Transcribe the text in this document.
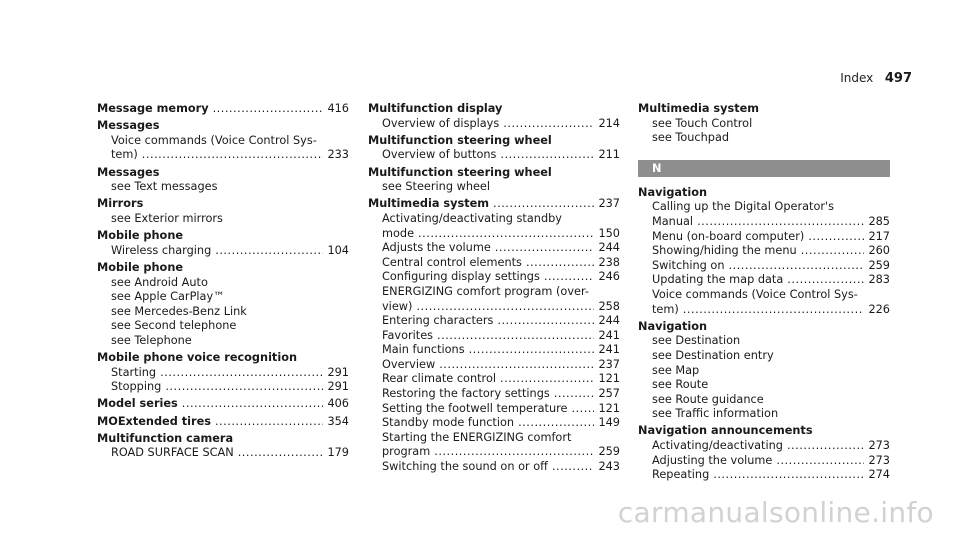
Index 497
Message memory .....	416
Messages
Voice commands (Voice Control Sys-
tem) .....	233
Messages
see Text messages
Mirrors
see Exterior mirrors
Mobile phone
Wireless charging .....	104
Mobile phone
see Android Auto
see Apple CarPlay™
see Mercedes-Benz Link
see Second telephone
see Telephone
Mobile phone voice recognition
Starting .....	291
Stopping .....	291
Model series .....	406
MOExtended tires .....	354
Multifunction camera
ROAD SURFACE SCAN .....	179
Multifunction display
Overview of displays .....	214
Multifunction steering wheel
Overview of buttons .....	211
Multifunction steering wheel
see Steering wheel
Multimedia system .....	237
Activating/deactivating standby
mode .....	150
Adjusts the volume .....	244
Central control elements .....	238
Configuring display settings .....	246
ENERGIZING comfort program (over-
view) .....	258
Entering characters .....	244
Favorites .....	241
Main functions .....	241
Overview .....	237
Rear climate control .....	121
Restoring the factory settings .....	257
Setting the footwell temperature .....	121
Standby mode function .....	149
Starting the ENERGIZING comfort
program .....	259
Switching the sound on or off .....	243
Multimedia system
see Touch Control
see Touchpad
N
Navigation
Calling up the Digital Operator's
Manual .....	285
Menu (on-board computer) .....	217
Showing/hiding the menu .....	260
Switching on .....	259
Updating the map data .....	283
Voice commands (Voice Control Sys-
tem) .....	226
Navigation
see Destination
see Destination entry
see Map
see Route
see Route guidance
see Traffic information
Navigation announcements
Activating/deactivating .....	273
Adjusting the volume .....	273
Repeating .....	274
carmanualsonline.info
